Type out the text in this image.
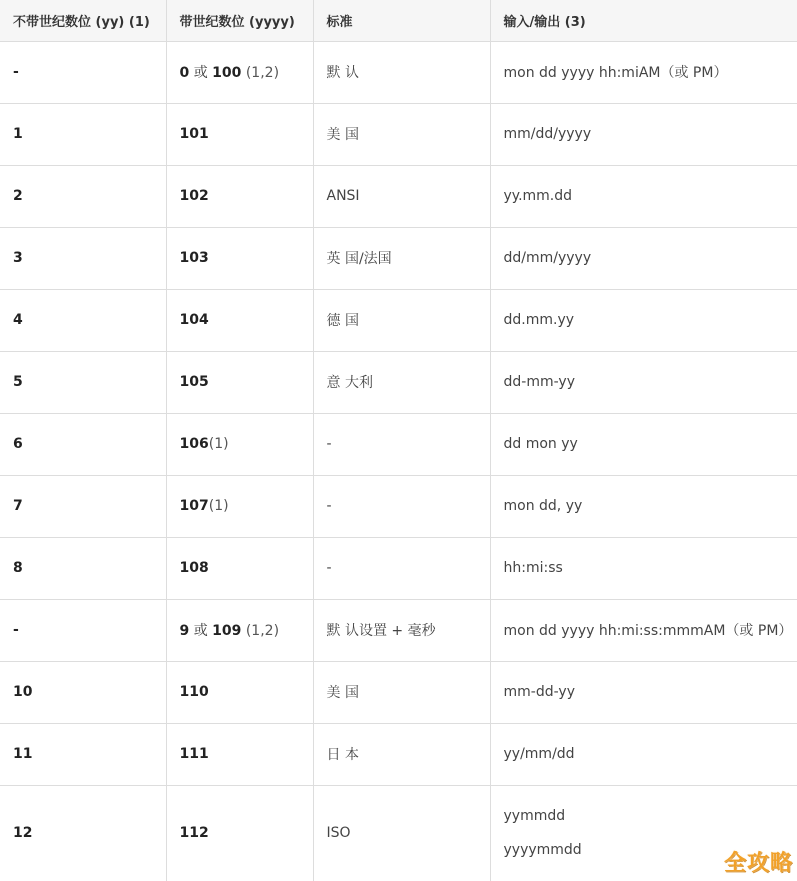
不带世纪数位 (yy) (1)	带世纪数位 (yyyy)	标准	输入/输出 (3)
-	0 或 100 (1,2)	默 认	mon dd yyyy hh:miAM（或 PM）

1	101	美 国	mm/dd/yyyy

2	102	ANSI	yy.mm.dd

3	103	英 国/法国	dd/mm/yyyy

4	104	德 国	dd.mm.yy

5	105	意 大利	dd-mm-yy

6	106(1)	-	dd mon yy

7	107(1)	-	mon dd, yy

8	108	-	hh:mi:ss

-	9 或 109 (1,2)	默 认设置 + 毫秒	mon dd yyyy hh:mi:ss:mmmAM（或 PM）

10	110	美 国	mm-dd-yy

11	111	日 本	yy/mm/dd

12	112	ISO	yymmdd
yyyymmdd
全攻略
